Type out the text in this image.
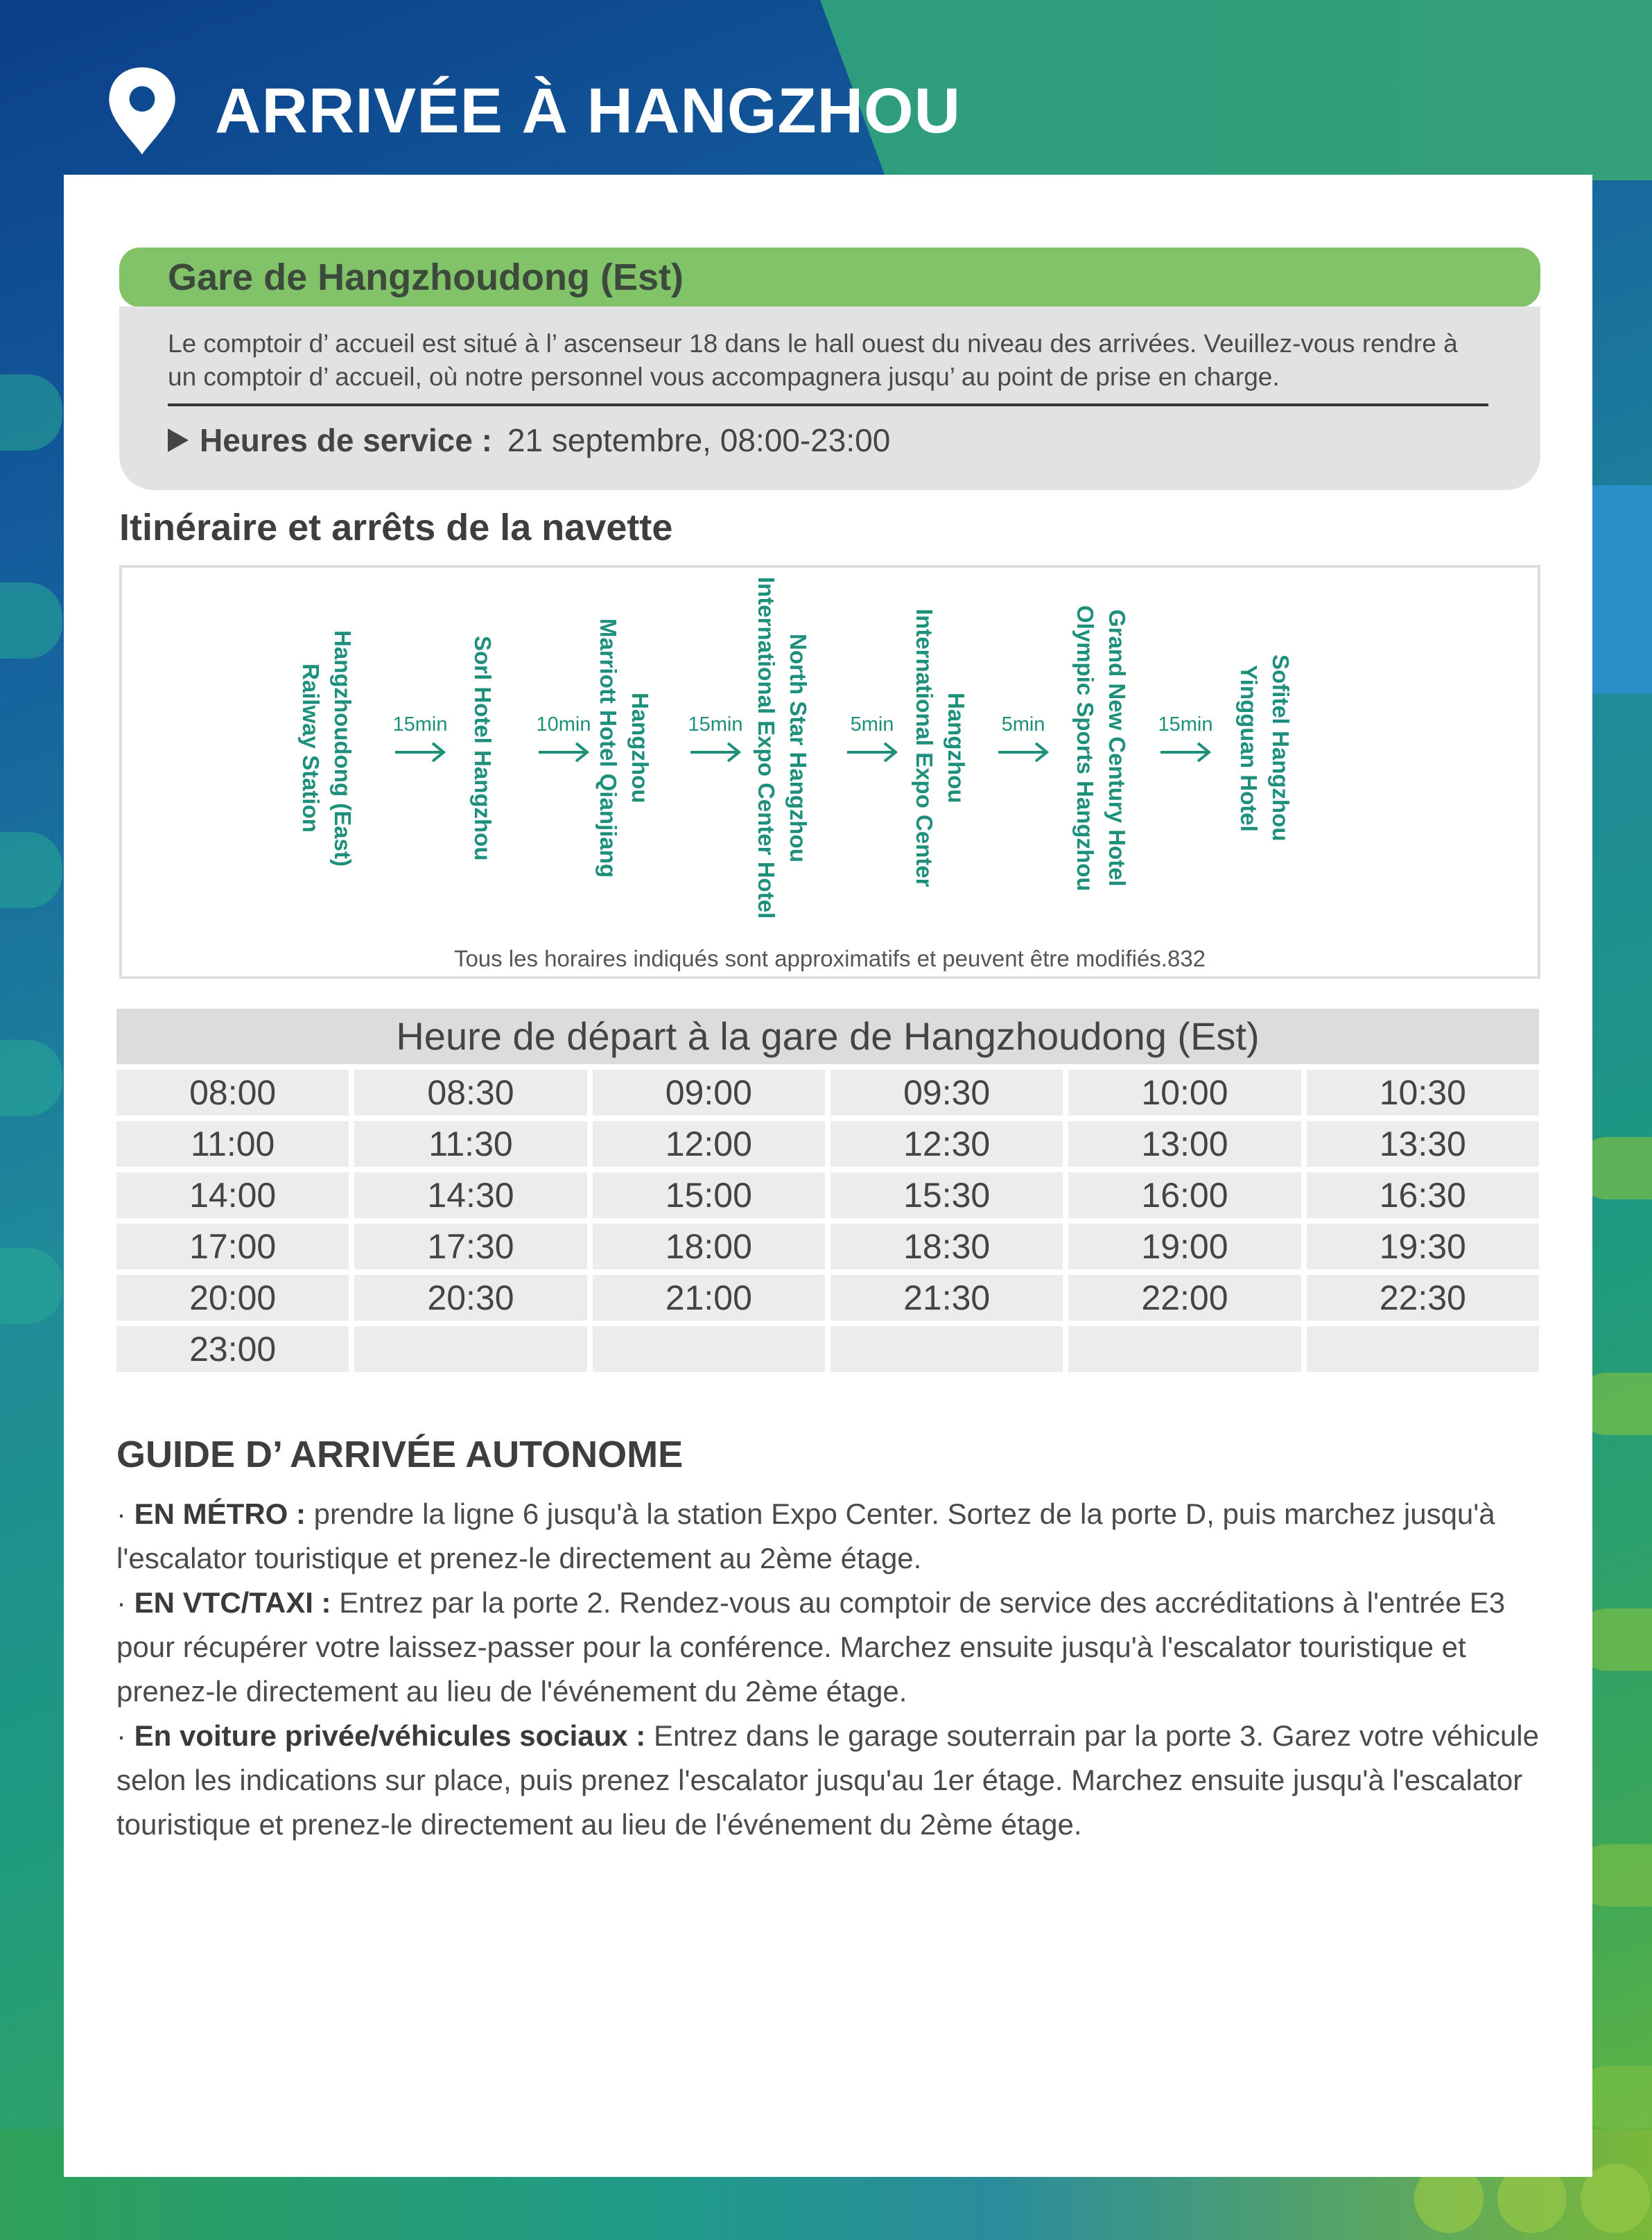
ARRIVÉE À HANGZHOU
Gare de Hangzhoudong (Est)
Le comptoir d’ accueil est situé à l’ ascenseur 18 dans le hall ouest du niveau des arrivées. Veuillez-vous rendre à un comptoir d’ accueil, où notre personnel vous accompagnera jusqu’ au point de prise en charge.
Heures de service : 21 septembre, 08:00-23:00
Itinéraire et arrêts de la navette
Hangzhoudong (East)
Railway Station	Sorl Hotel Hangzhou	Hangzhou
Marriott Hotel Qianjiang	North Star Hangzhou
International Expo Center Hotel	Hangzhou
International Expo Center	Grand New Century Hotel
Olympic Sports Hangzhou	Sofitel Hangzhou
Yingguan Hotel
15min	10min	15min	5min	5min	15min
Tous les horaires indiqués sont approximatifs et peuvent être modifiés.832
Heure de départ à la gare de Hangzhoudong (Est)
08:00	08:30	09:00	09:30	10:00	10:30
11:00	11:30	12:00	12:30	13:00	13:30
14:00	14:30	15:00	15:30	16:00	16:30
17:00	17:30	18:00	18:30	19:00	19:30
20:00	20:30	21:00	21:30	22:00	22:30
23:00
GUIDE D’ ARRIVÉE AUTONOME

· EN MÉTRO : prendre la ligne 6 jusqu'à la station Expo Center. Sortez de la porte D, puis marchez jusqu'à l'escalator touristique et prenez-le directement au 2ème étage.

· EN VTC/TAXI : Entrez par la porte 2. Rendez-vous au comptoir de service des accréditations à l'entrée E3 pour récupérer votre laissez-passer pour la conférence. Marchez ensuite jusqu'à l'escalator touristique et prenez-le directement au lieu de l'événement du 2ème étage.

· En voiture privée/véhicules sociaux : Entrez dans le garage souterrain par la porte 3. Garez votre véhicule selon les indications sur place, puis prenez l'escalator jusqu'au 1er étage. Marchez ensuite jusqu'à l'escalator touristique et prenez-le directement au lieu de l'événement du 2ème étage.
